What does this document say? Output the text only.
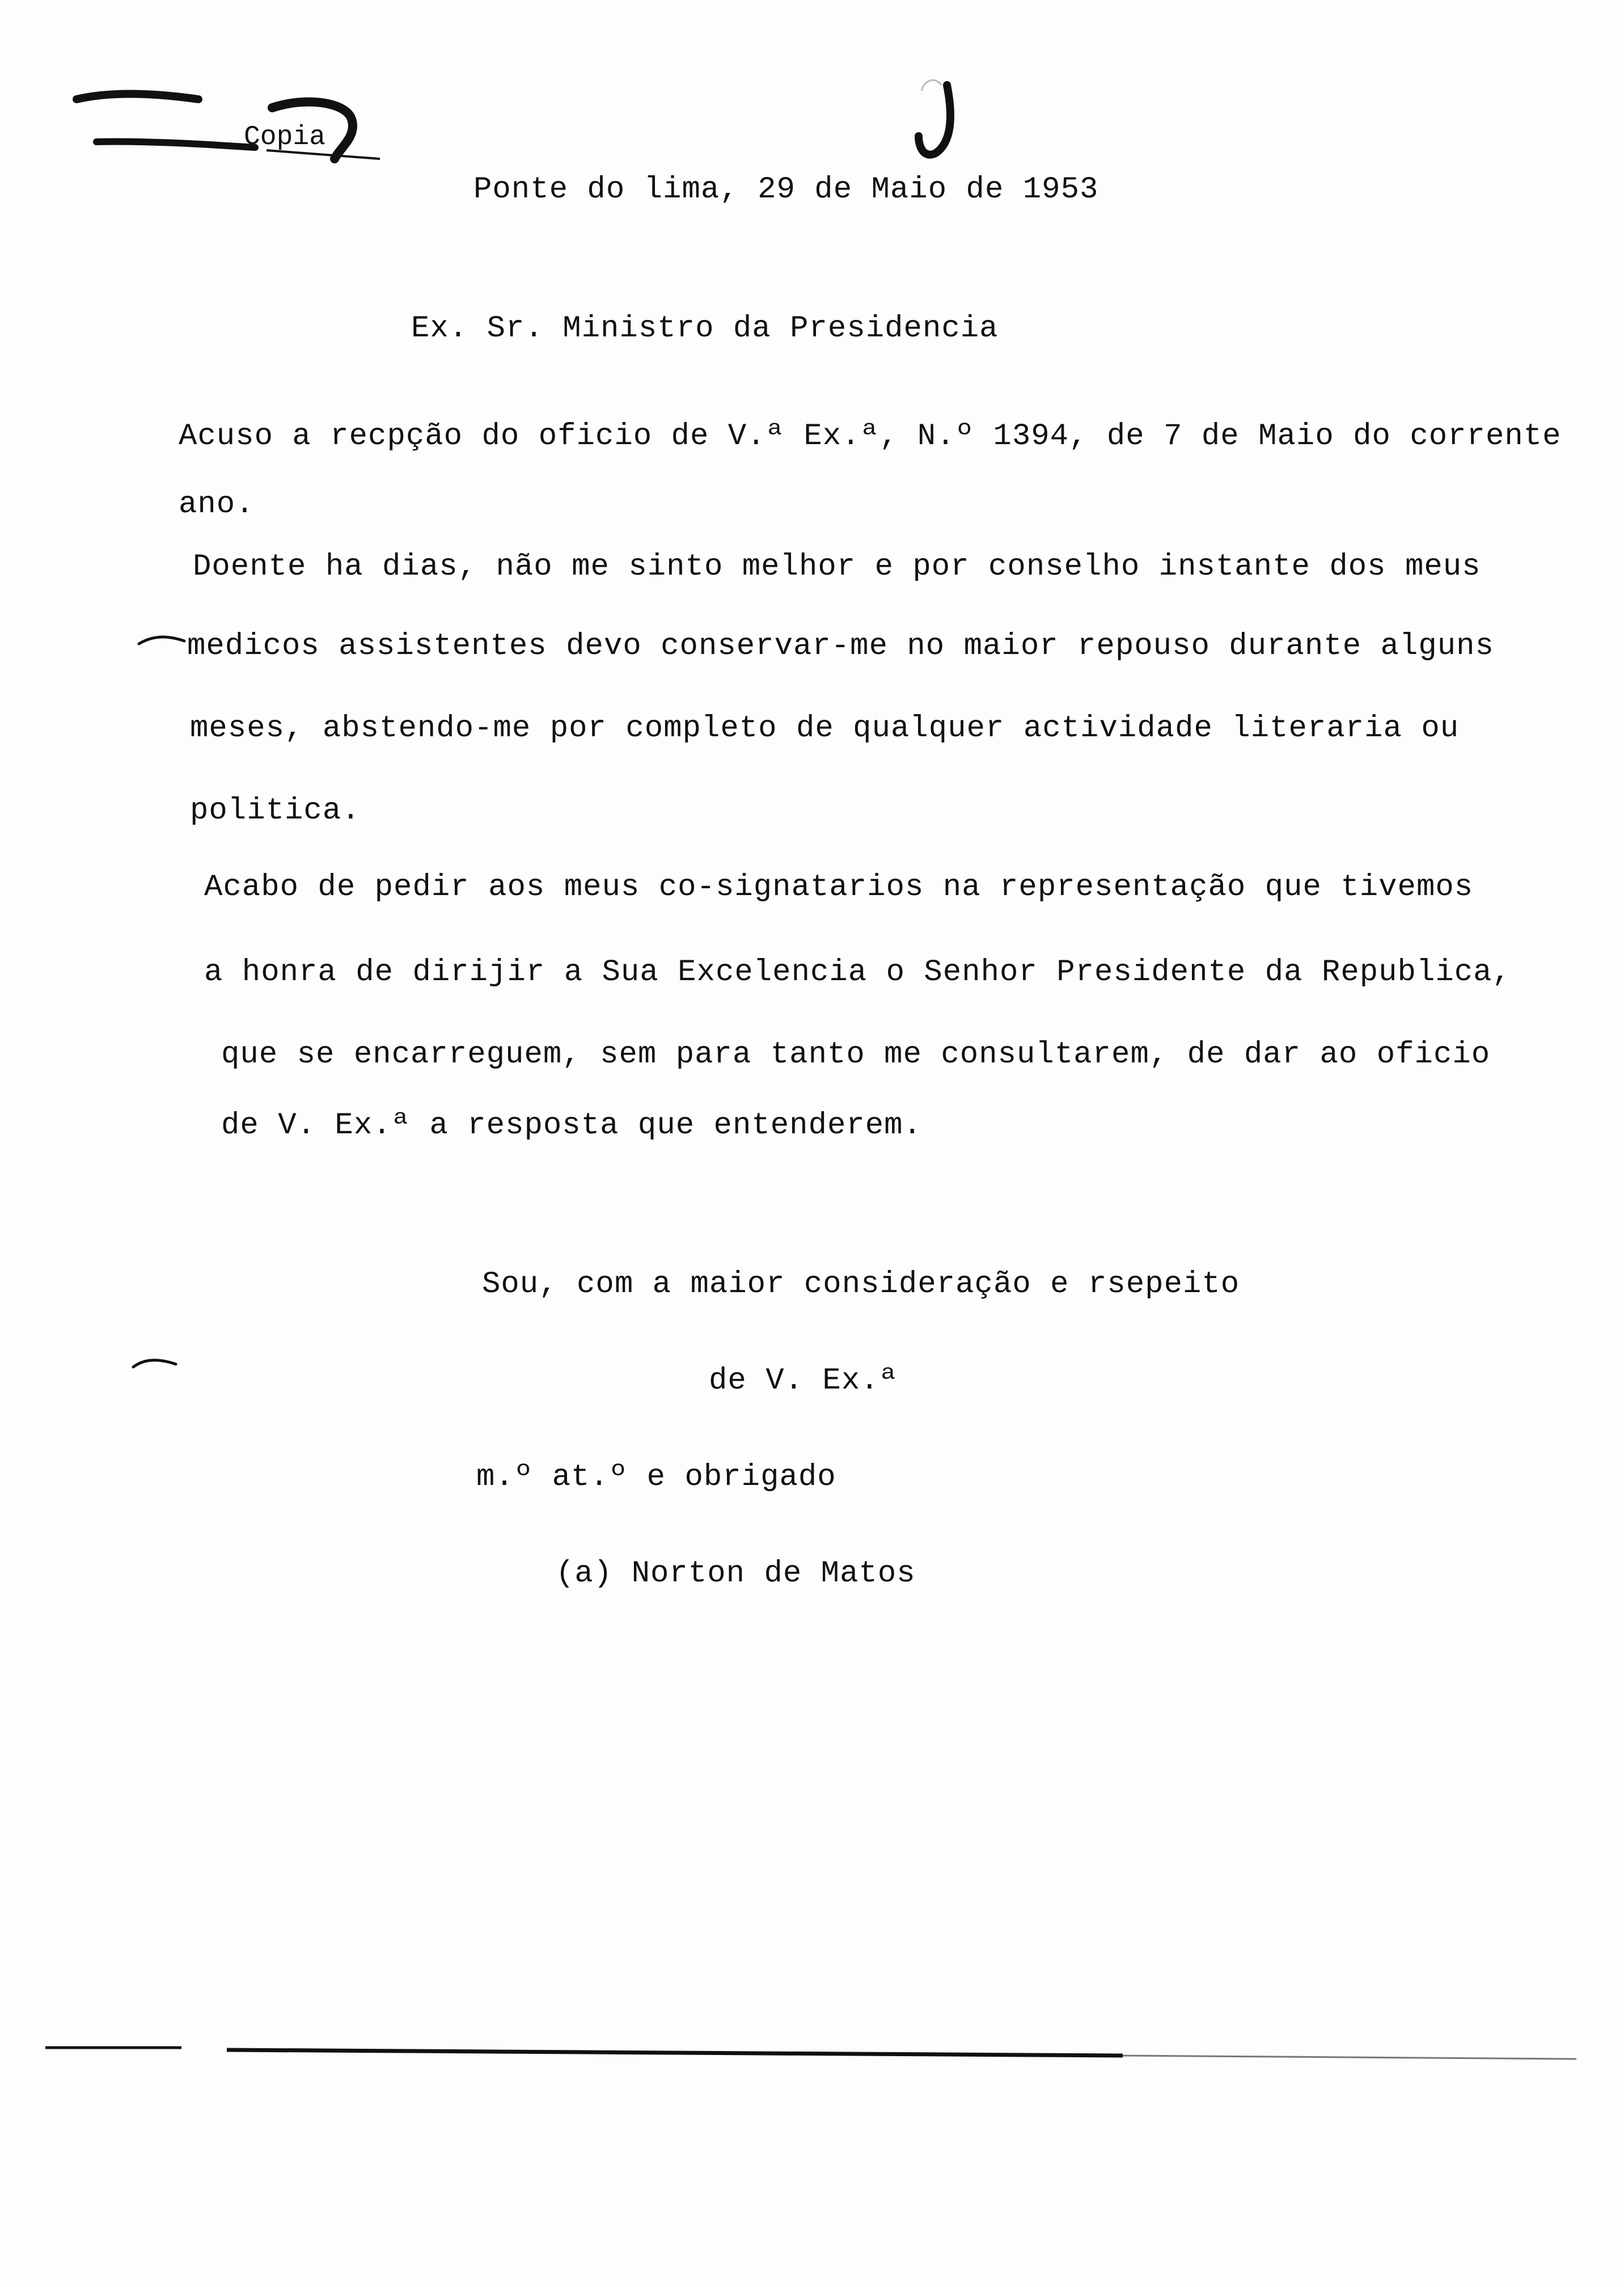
Copia
Ponte do lima, 29 de Maio de 1953
Ex. Sr. Ministro da Presidencia
Acuso a recpção do oficio de V.ª Ex.ª, N.º 1394, de 7 de Maio do corrente
ano.
Doente ha dias, não me sinto melhor e por conselho instante dos meus
medicos assistentes devo conservar-me no maior repouso durante alguns
meses, abstendo-me por completo de qualquer actividade literaria ou
politica.
Acabo de pedir aos meus co-signatarios na representação que tivemos
a honra de dirijir a Sua Excelencia o Senhor Presidente da Republica,
que se encarreguem, sem para tanto me consultarem, de dar ao oficio
de V. Ex.ª a resposta que entenderem.
Sou, com a maior consideração e rsepeito
de V. Ex.ª
m.º at.º e obrigado
(a) Norton de Matos
